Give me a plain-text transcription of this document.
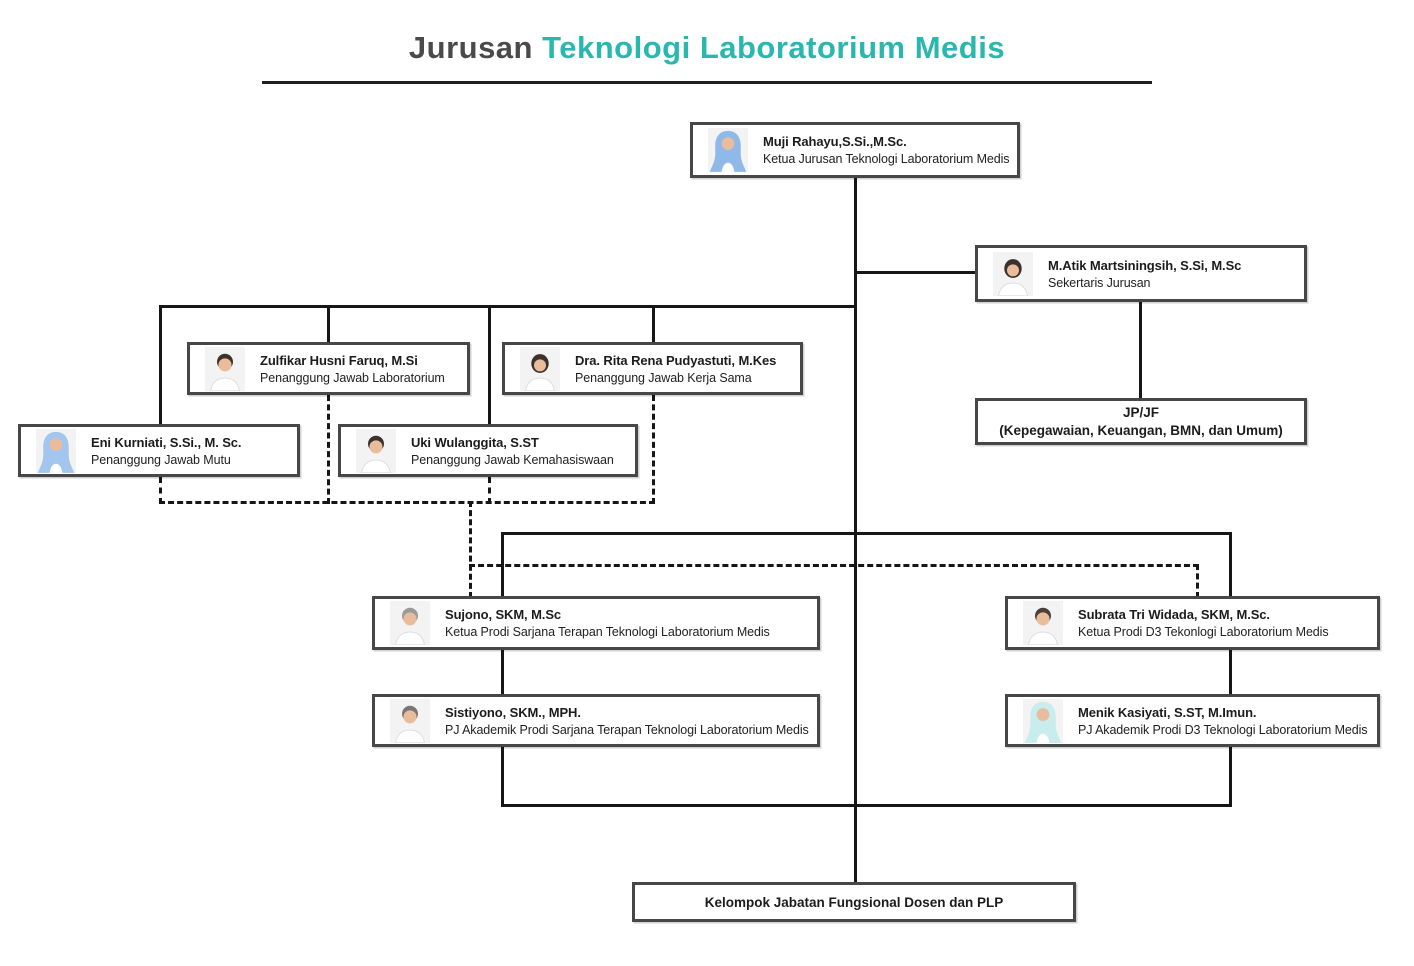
Jurusan Teknologi Laboratorium Medis
Muji Rahayu,S.Si.,M.Sc.
Ketua Jurusan Teknologi Laboratorium Medis
M.Atik Martsiningsih, S.Si, M.Sc
Sekertaris Jurusan
JP/JF
(Kepegawaian, Keuangan, BMN, dan Umum)
Zulfikar Husni Faruq, M.Si
Penanggung Jawab Laboratorium
Dra. Rita Rena Pudyastuti, M.Kes
Penanggung Jawab Kerja Sama
Eni Kurniati, S.Si., M. Sc.
Penanggung Jawab Mutu
Uki Wulanggita, S.ST
Penanggung Jawab Kemahasiswaan
Sujono, SKM, M.Sc
Ketua Prodi Sarjana Terapan Teknologi Laboratorium Medis
Subrata Tri Widada, SKM, M.Sc.
Ketua Prodi D3 Tekonlogi Laboratorium Medis
Sistiyono, SKM., MPH.
PJ Akademik Prodi Sarjana Terapan Teknologi Laboratorium Medis
Menik Kasiyati, S.ST, M.Imun.
PJ Akademik Prodi D3 Teknologi Laboratorium Medis
Kelompok Jabatan Fungsional Dosen dan PLP
